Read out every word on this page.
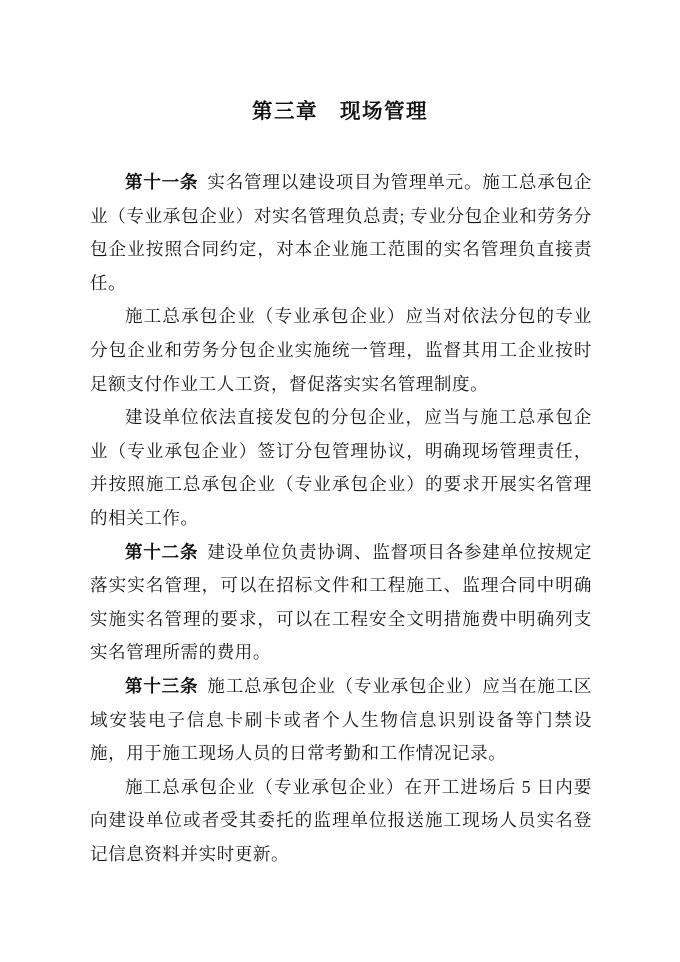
第三章　现场管理

第十一条 实名管理以建设项目为管理单元。施工总承包企业（专业承包企业）对实名管理负总责; 专业分包企业和劳务分包企业按照合同约定，对本企业施工范围的实名管理负直接责任。

施工总承包企业（专业承包企业）应当对依法分包的专业分包企业和劳务分包企业实施统一管理，监督其用工企业按时足额支付作业工人工资，督促落实实名管理制度。

建设单位依法直接发包的分包企业，应当与施工总承包企业（专业承包企业）签订分包管理协议，明确现场管理责任，并按照施工总承包企业（专业承包企业）的要求开展实名管理的相关工作。

第十二条 建设单位负责协调、监督项目各参建单位按规定落实实名管理，可以在招标文件和工程施工、监理合同中明确实施实名管理的要求，可以在工程安全文明措施费中明确列支实名管理所需的费用。

第十三条 施工总承包企业（专业承包企业）应当在施工区域安装电子信息卡刷卡或者个人生物信息识别设备等门禁设施，用于施工现场人员的日常考勤和工作情况记录。

施工总承包企业（专业承包企业）在开工进场后 5 日内要向建设单位或者受其委托的监理单位报送施工现场人员实名登记信息资料并实时更新。
